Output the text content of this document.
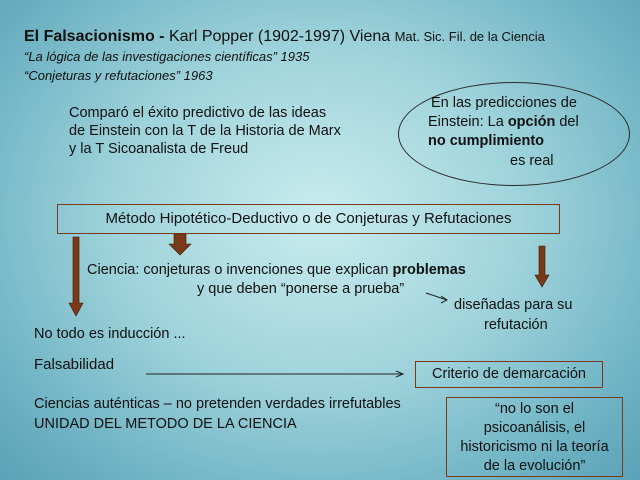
El Falsacionismo - Karl Popper (1902-1997) Viena Mat. Sic. Fil. de la Ciencia
“La lógica de las investigaciones científicas” 1935
“Conjeturas y refutaciones” 1963
Comparó el éxito predictivo de las ideas
de Einstein con la T de la Historia de Marx
y la T Sicoanalista de Freud
En las predicciones de
Einstein: La opción del
no cumplimiento
es real
Método Hipotético-Deductivo o de Conjeturas y Refutaciones
Ciencia: conjeturas o invenciones que explican problemas
y que deben “ponerse a prueba”
diseñadas para su
refutación
No todo es inducción ...
Falsabilidad
Criterio de demarcación
Ciencias auténticas – no pretenden verdades irrefutables
UNIDAD DEL METODO DE LA CIENCIA
“no lo son el
psicoanálisis, el
historicismo ni la teoría
de la evolución”
